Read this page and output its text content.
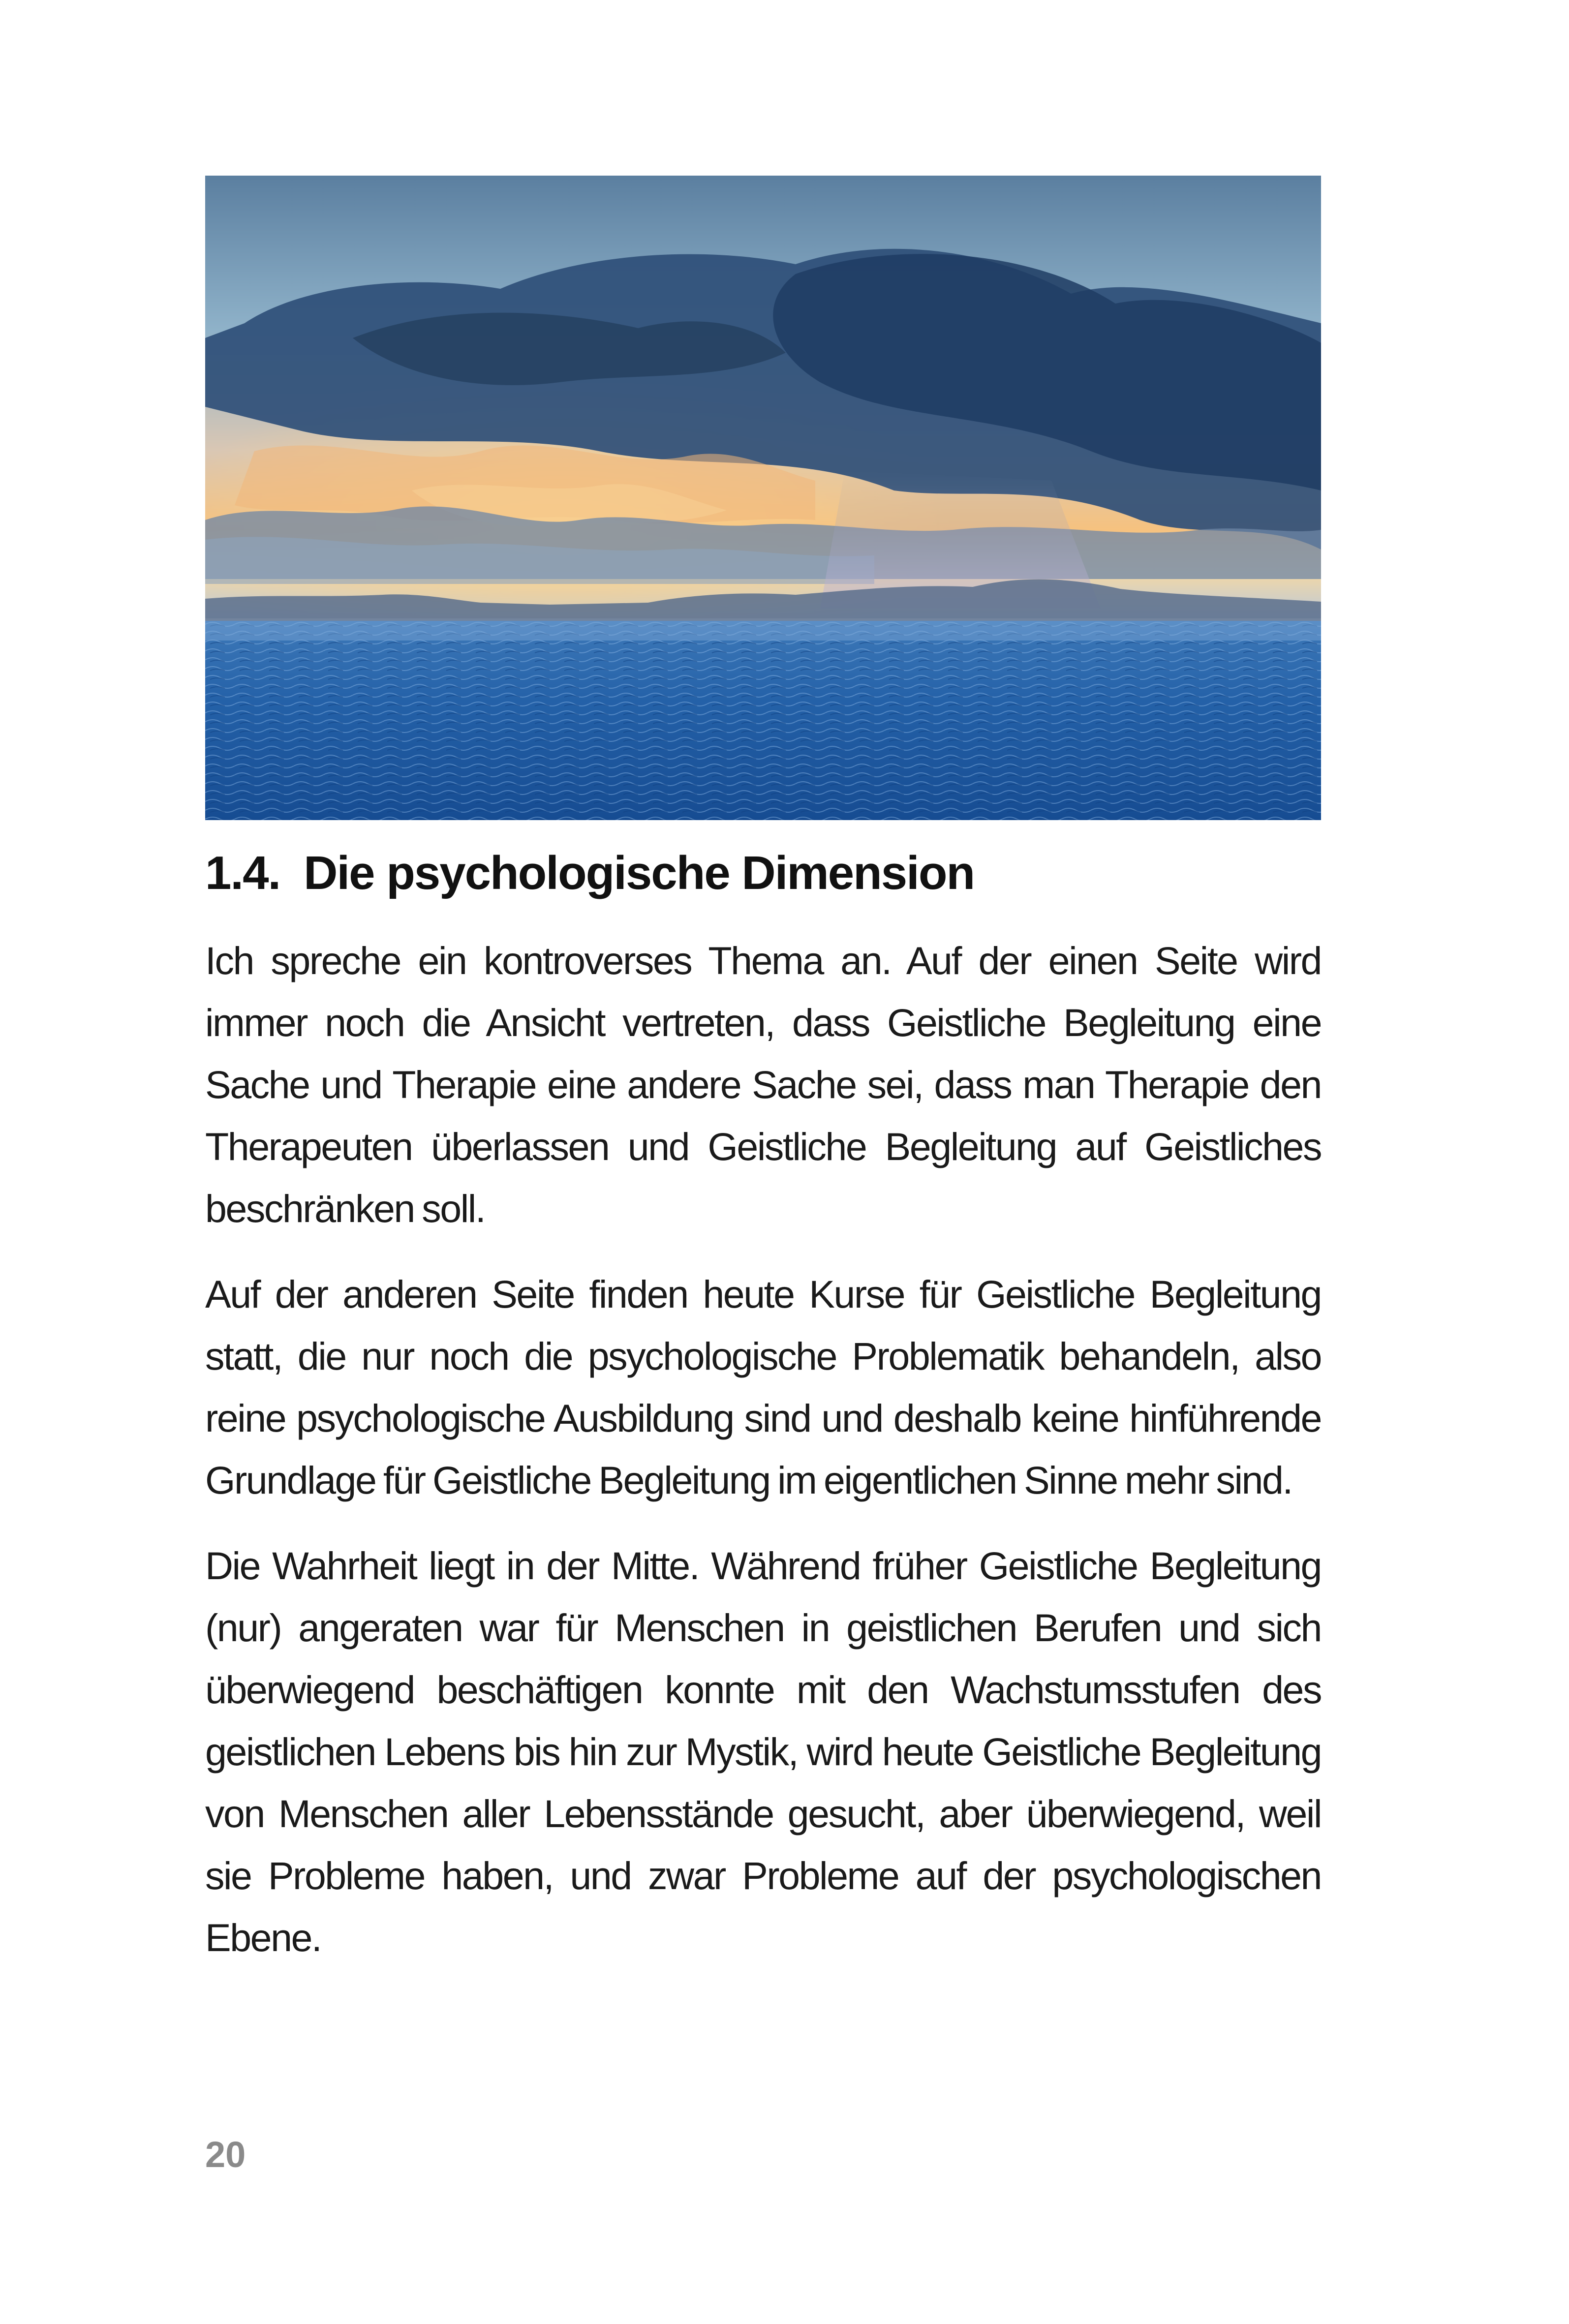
1.4. Die psychologische Dimension

Ich spreche ein kontroverses Thema an. Auf der einen Seite wird immer noch die Ansicht vertreten, dass Geistliche Begleitung eine Sache und Therapie eine andere Sache sei, dass man Therapie den Therapeuten überlassen und Geistliche Begleitung auf Geistliches beschränken soll.

Auf der anderen Seite finden heute Kurse für Geistliche Begleitung statt, die nur noch die psychologische Problematik behandeln, also reine psychologische Ausbildung sind und deshalb keine hinführende Grundlage für Geistliche Begleitung im eigentlichen Sinne mehr sind.

Die Wahrheit liegt in der Mitte. Während früher Geistliche Begleitung (nur) angeraten war für Menschen in geistlichen Berufen und sich überwiegend beschäftigen konnte mit den Wachstumsstufen des geistlichen Lebens bis hin zur Mystik, wird heute Geistliche Begleitung von Menschen aller Lebensstände gesucht, aber überwiegend, weil sie Probleme haben, und zwar Probleme auf der psychologischen Ebene.

20
